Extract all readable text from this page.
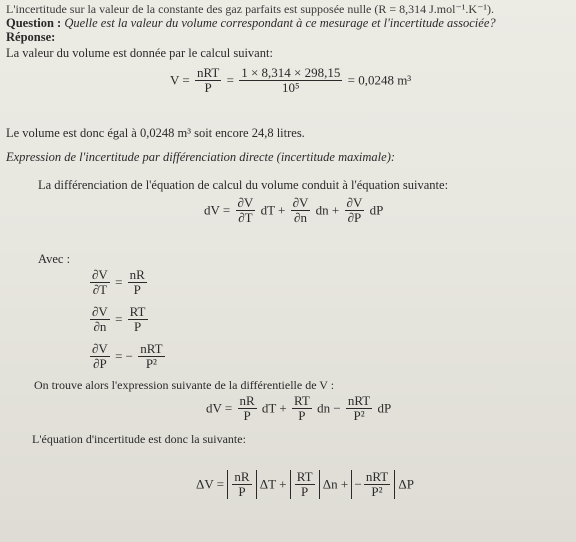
L'incertitude sur la valeur de la constante des gaz parfaits est supposée nulle (R = 8,314 J.mol⁻¹.K⁻¹).
Question : Quelle est la valeur du volume correspondant à ce mesurage et l'incertitude associée?
Réponse:
La valeur du volume est donnée par le calcul suivant:
$V = \frac{\text{nRT}}{P} = \frac{1 \times 8,314 \times 298,15}{\text{10⁵}} = 0,0248$ m³
Le volume est donc égal à 0,0248 m³ soit encore 24,8 litres.
Expression de l'incertitude par différenciation directe (incertitude maximale):
La différenciation de l'équation de calcul du volume conduit à l'équation suivante:
dV = $\frac{\partial V}{\partial T}$ dT + $\frac{\partial V}{\partial n}$ dn + $\frac{\partial V}{\partial P}$ dP
Avec :
$\frac{\partial V}{\partial T} = \frac{nR}{P}$
$\frac{\partial V}{\partial n} = \frac{RT}{P}$
$\frac{\partial V}{\partial P}$ = − $\frac{\text{nRT}}{\text{P²}}$
On trouve alors l'expression suivante de la différentielle de V :
dV = $\frac{nR}{P}$ dT + $\frac{RT}{P}$ dn − $\frac{\text{nRT}}{\text{P²}}$ dP
L'équation d'incertitude est donc la suivante:
$\Delta V = \frac{nR}{P}$ $\Delta T + \frac{RT}{P}$ Δn + − $\frac{\text{nRT}}{\text{P²}}$ ΔP
